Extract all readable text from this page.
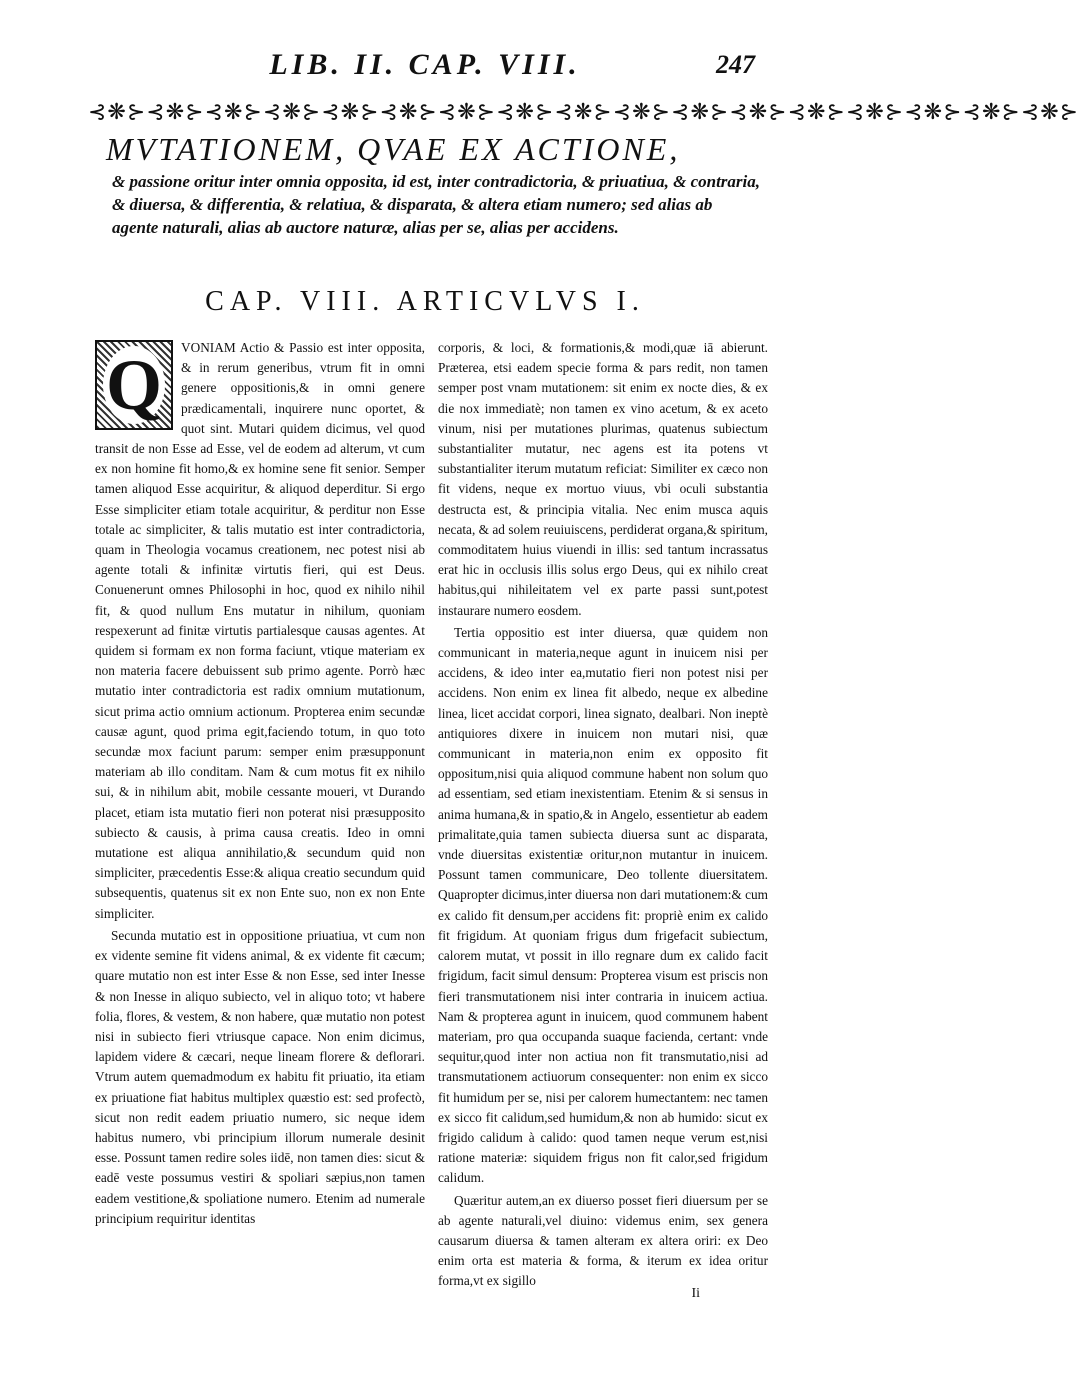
LIB. II. CAP. VIII.	247
⊰❋⊱⊰❋⊱⊰❋⊱⊰❋⊱⊰❋⊱⊰❋⊱⊰❋⊱⊰❋⊱⊰❋⊱⊰❋⊱⊰❋⊱⊰❋⊱⊰❋⊱⊰❋⊱⊰❋⊱⊰❋⊱⊰❋⊱
MVTATIONEM, QVAE EX ACTIONE,
& passione oritur inter omnia opposita, id est, inter contradictoria, & priuatiua, & contraria, & diuersa, & differentia, & relatiua, & disparata, & altera etiam numero; sed alias ab agente naturali, alias ab auctore naturæ, alias per se, alias per accidens.
CAP. VIII. ARTICVLVS I.
Q	VONIAM Actio & Passio est inter opposita, & in rerum generibus, vtrum fit in omni genere oppositionis,& in omni genere prædicamentali, inquirere nunc oportet, & quot sint. Mutari quidem dicimus, vel quod transit de non Esse ad Esse, vel de eodem ad alterum, vt cum ex non homine fit homo,& ex homine sene fit senior. Semper tamen aliquod Esse acquiritur, & aliquod deperditur. Si ergo Esse simpliciter etiam totale acquiritur, & perditur non Esse totale ac simpliciter, & talis mutatio est inter contradictoria, quam in Theologia vocamus creationem, nec potest nisi ab agente totali & infinitæ virtutis fieri, qui est Deus. Conuenerunt omnes Philosophi in hoc, quod ex nihilo nihil fit, & quod nullum Ens mutatur in nihilum, quoniam respexerunt ad finitæ virtutis partialesque causas agentes. At quidem si formam ex non forma faciunt, vtique materiam ex non materia facere debuissent sub primo agente. Porrò hæc mutatio inter contradictoria est radix omnium mutationum, sicut prima actio omnium actionum. Propterea enim secundæ causæ agunt, quod prima egit,faciendo totum, in quo toto secundæ mox faciunt parum: semper enim præsupponunt materiam ab illo conditam. Nam & cum motus fit ex nihilo sui, & in nihilum abit, mobile cessante moueri, vt Durando placet, etiam ista mutatio fieri non poterat nisi præsupposito subiecto & causis, à prima causa creatis. Ideo in omni mutatione est aliqua annihilatio,& secundum quid non simpliciter, præcedentis Esse:& aliqua creatio secundum quid subsequentis, quatenus sit ex non Ente suo, non ex non Ente simpliciter.

Secunda mutatio est in oppositione priuatiua, vt cum non ex vidente semine fit videns animal, & ex vidente fit cæcum; quare mutatio non est inter Esse & non Esse, sed inter Inesse & non Inesse in aliquo subiecto, vel in aliquo toto; vt habere folia, flores, & vestem, & non habere, quæ mutatio non potest nisi in subiecto fieri vtriusque capace. Non enim dicimus, lapidem videre & cæcari, neque lineam florere & deflorari. Vtrum autem quemadmodum ex habitu fit priuatio, ita etiam ex priuatione fiat habitus multiplex quæstio est: sed profectò, sicut non redit eadem priuatio numero, sic neque idem habitus numero, vbi principium illorum numerale desinit esse. Possunt tamen redire soles iidē, non tamen dies: sicut & eadē veste possumus vestiri & spoliari sæpius,non tamen eadem vestitione,& spoliatione numero. Etenim ad numerale principium requiritur identitas

corporis, & loci, & formationis,& modi,quæ iā abierunt. Præterea, etsi eadem specie forma & pars redit, non tamen semper post vnam mutationem: sit enim ex nocte dies, & ex die nox immediatè; non tamen ex vino acetum, & ex aceto vinum, nisi per mutationes plurimas, quatenus subiectum substantialiter mutatur, nec agens est ita potens vt substantialiter iterum mutatum reficiat: Similiter ex cæco non fit videns, neque ex mortuo viuus, vbi oculi substantia destructa est, & principia vitalia. Nec enim musca aquis necata, & ad solem reuiuiscens, perdiderat organa,& spiritum, commoditatem huius viuendi in illis: sed tantum incrassatus erat hic in occlusis illis solus ergo Deus, qui ex nihilo creat habitus,qui nihileitatem vel ex parte passi sunt,potest instaurare numero eosdem.

Tertia oppositio est inter diuersa, quæ quidem non communicant in materia,neque agunt in inuicem nisi per accidens, & ideo inter ea,mutatio fieri non potest nisi per accidens. Non enim ex linea fit albedo, neque ex albedine linea, licet accidat corpori, linea signato, dealbari. Non ineptè antiquiores dixere in inuicem non mutari nisi, quæ communicant in materia,non enim ex opposito fit oppositum,nisi quia aliquod commune habent non solum quo ad essentiam, sed etiam inexistentiam. Etenim & si sensus in anima humana,& in spatio,& in Angelo, essentietur ab eadem primalitate,quia tamen subiecta diuersa sunt ac disparata, vnde diuersitas existentiæ oritur,non mutantur in inuicem. Possunt tamen communicare, Deo tollente diuersitatem. Quapropter dicimus,inter diuersa non dari mutationem:& cum ex calido fit densum,per accidens fit: propriè enim ex calido fit frigidum. At quoniam frigus dum frigefacit subiectum, calorem mutat, vt possit in illo regnare dum ex calido facit frigidum, facit simul densum: Propterea visum est priscis non fieri transmutationem nisi inter contraria in inuicem actiua. Nam & propterea agunt in inuicem, quod communem habent materiam, pro qua occupanda suaque facienda, certant: vnde sequitur,quod inter non actiua non fit transmutatio,nisi ad transmutationem actiuorum consequenter: non enim ex sicco fit humidum per se, nisi per calorem humectantem: nec tamen ex sicco fit calidum,sed humidum,& non ab humido: sicut ex frigido calidum à calido: quod tamen neque verum est,nisi ratione materiæ: siquidem frigus non fit calor,sed frigidum calidum.

Quæritur autem,an ex diuerso posset fieri diuersum per se ab agente naturali,vel diuino: videmus enim, sex genera causarum diuersa & tamen alteram ex altera oriri: ex Deo enim orta est materia & forma, & iterum ex idea oritur forma,vt ex sigillo

Ii
